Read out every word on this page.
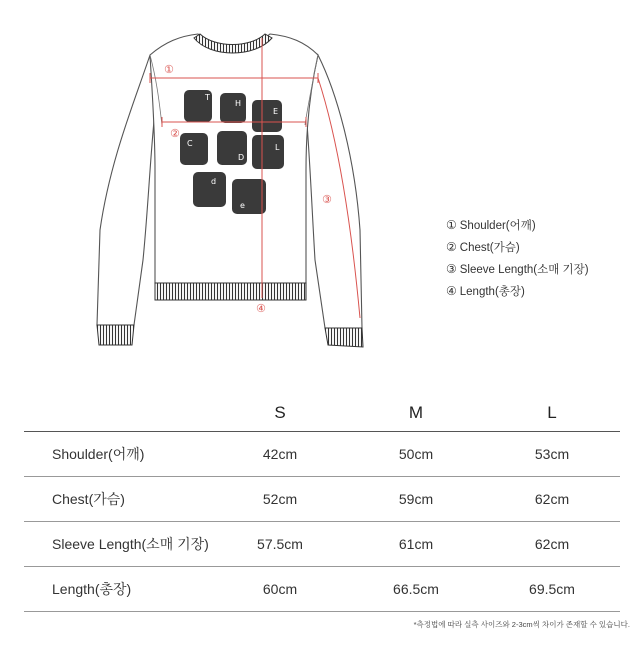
T
H
E
C
D
L
d
e
①
②
③
④
① Shoulder(어깨)
② Chest(가슴)
③ Sleeve Length(소매 기장)
④ Length(총장)
	S	M	L
Shoulder(어깨)	42cm	50cm	53cm
Chest(가슴)	52cm	59cm	62cm
Sleeve Length(소매 기장)	57.5cm	61cm	62cm
Length(총장)	60cm	66.5cm	69.5cm
*측정법에 따라 실측 사이즈와 2-3cm씩 차이가 존재할 수 있습니다.
